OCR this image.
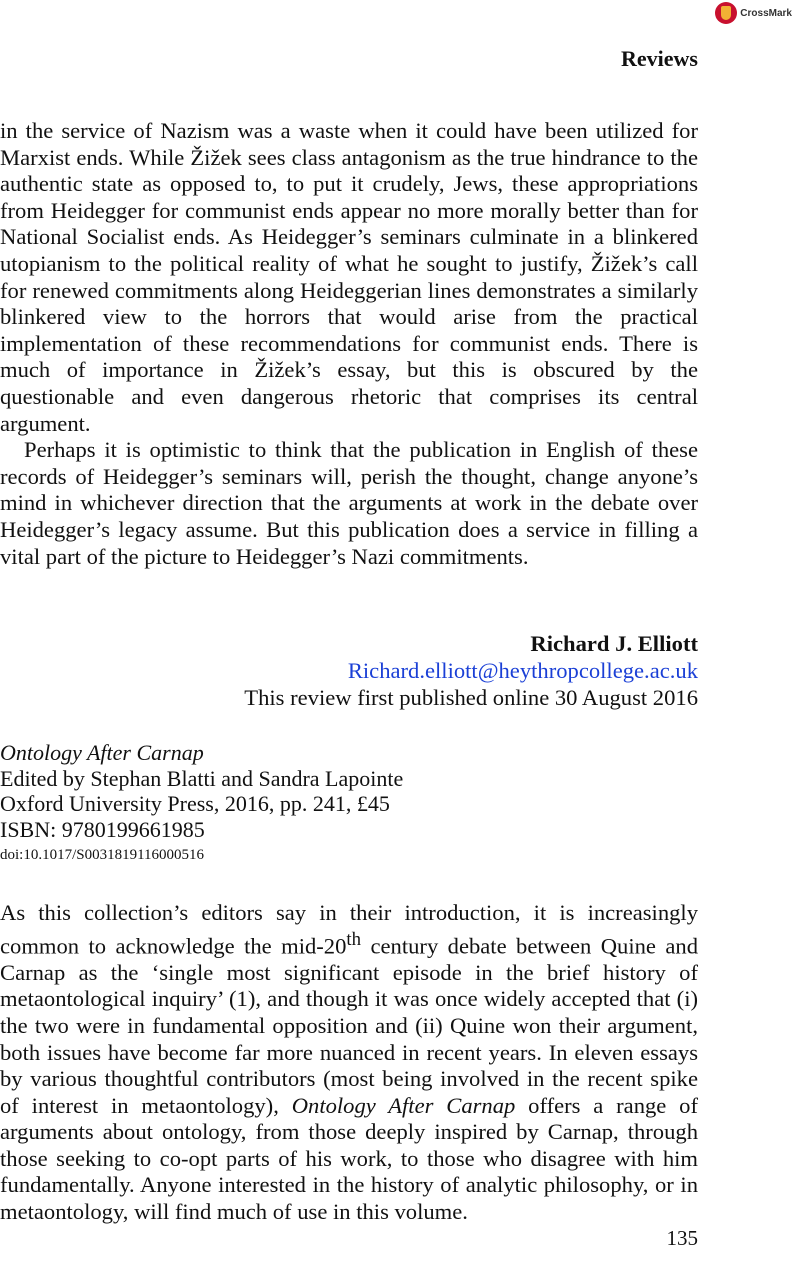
CrossMark
Reviews

in the service of Nazism was a waste when it could have been utilized for Marxist ends. While Žižek sees class antagonism as the true hindrance to the authentic state as opposed to, to put it crudely, Jews, these appropriations from Heidegger for communist ends appear no more morally better than for National Socialist ends. As Heidegger’s seminars culminate in a blinkered utopianism to the political reality of what he sought to justify, Žižek’s call for renewed commitments along Heideggerian lines demonstrates a similarly blinkered view to the horrors that would arise from the practical implementation of these recommendations for communist ends. There is much of importance in Žižek’s essay, but this is obscured by the questionable and even dangerous rhetoric that comprises its central argument.

Perhaps it is optimistic to think that the publication in English of these records of Heidegger’s seminars will, perish the thought, change anyone’s mind in whichever direction that the arguments at work in the debate over Heidegger’s legacy assume. But this publication does a service in filling a vital part of the picture to Heidegger’s Nazi commitments.

Richard J. Elliott
Richard.elliott@heythropcollege.ac.uk
This review first published online 30 August 2016
Ontology After Carnap
Edited by Stephan Blatti and Sandra Lapointe
Oxford University Press, 2016, pp. 241, £45
ISBN: 9780199661985
doi:10.1017/S0031819116000516

As this collection’s editors say in their introduction, it is increasingly common to acknowledge the mid-20th century debate between Quine and Carnap as the ‘single most significant episode in the brief history of metaontological inquiry’ (1), and though it was once widely accepted that (i) the two were in fundamental opposition and (ii) Quine won their argument, both issues have become far more nuanced in recent years. In eleven essays by various thoughtful contributors (most being involved in the recent spike of interest in metaontology), Ontology After Carnap offers a range of arguments about ontology, from those deeply inspired by Carnap, through those seeking to co-opt parts of his work, to those who disagree with him fundamentally. Anyone interested in the history of analytic philosophy, or in metaontology, will find much of use in this volume.

135
